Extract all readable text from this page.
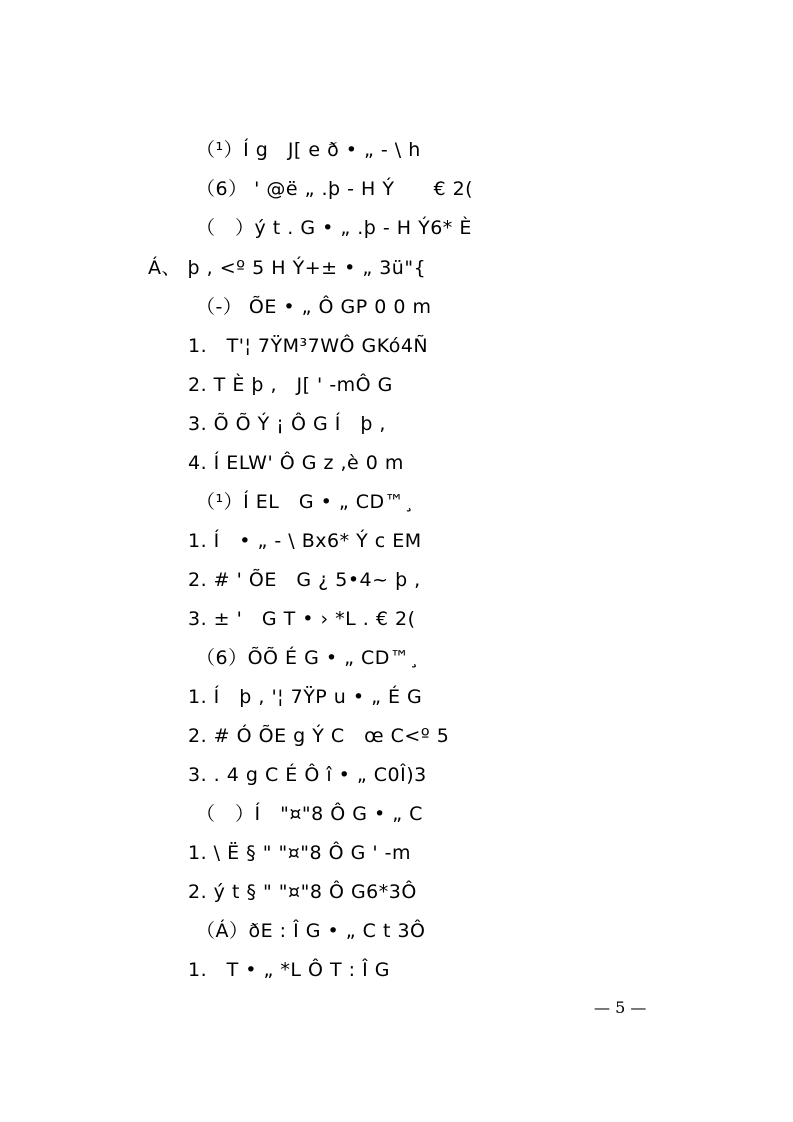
（¹）Í g　J[ e ð • „ - \ h
（6） ' @ë „ .þ - H Ý　　€ 2(
（　）ý t . G • „ .þ - H Ý6* È
Á、 þ , <º 5 H Ý+± • „ 3ü"{
（-） ÕE • „ Ô GP 0 0 m
1.　T'¦ 7ŸM³7WÔ GKó4Ñ
2. T È þ ,　J[ ' -mÔ G
3. Õ Õ Ý ¡ Ô G Í　þ ,
4. Í ELW' Ô G z ,è 0 m
（¹）Í EL　G • „ CD™¸
1. Í　• „ - \ Bx6* Ý c EM
2. # ' ÕE　G ¿ 5•4~ þ ,
3. ± '　G T • › *L . € 2(
（6）ÕÕ É G • „ CD™¸
1. Í　þ , '¦ 7ŸP u • „ É G
2. # Ó ÕE g Ý C　œ C<º 5
3. . 4 g C É Ô î • „ C0Î)3
（　）Í　"¤"8 Ô G • „ C
1. \ Ë § " "¤"8 Ô G ' -m
2. ý t § " "¤"8 Ô G6*3Ô
（Á）ðE : Î G • „ C t 3Ô
1.　T • „ *L Ô T : Î G
— 5 —
